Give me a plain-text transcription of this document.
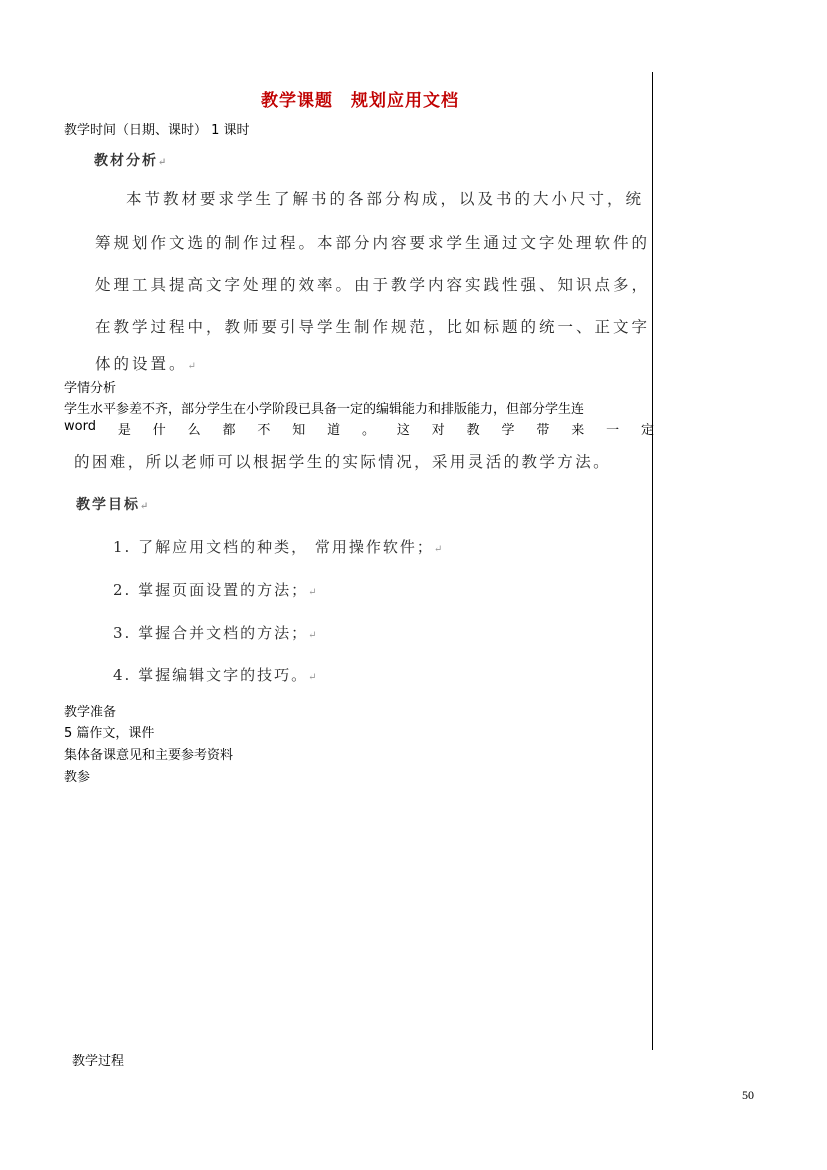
教学课题　规划应用文档
教学时间（日期、课时） 1 课时
教材分析↵
本节教材要求学生了解书的各部分构成，以及书的大小尺寸，统
筹规划作文选的制作过程。本部分内容要求学生通过文字处理软件的
处理工具提高文字处理的效率。由于教学内容实践性强、知识点多，
在教学过程中，教师要引导学生制作规范，比如标题的统一、正文字
体的设置。↵
学情分析
学生水平参差不齐，部分学生在小学阶段已具备一定的编辑能力和排版能力，但部分学生连
word 是 什 么 都 不 知 道 。 这 对 教 学 带 来 一 定
的困难，所以老师可以根据学生的实际情况，采用灵活的教学方法。
教学目标↵
1. 了解应用文档的种类， 常用操作软件；↵
2. 掌握页面设置的方法；↵
3. 掌握合并文档的方法；↵
4. 掌握编辑文字的技巧。↵
教学准备
5 篇作文，课件
集体备课意见和主要参考资料
教参
教学过程
50
